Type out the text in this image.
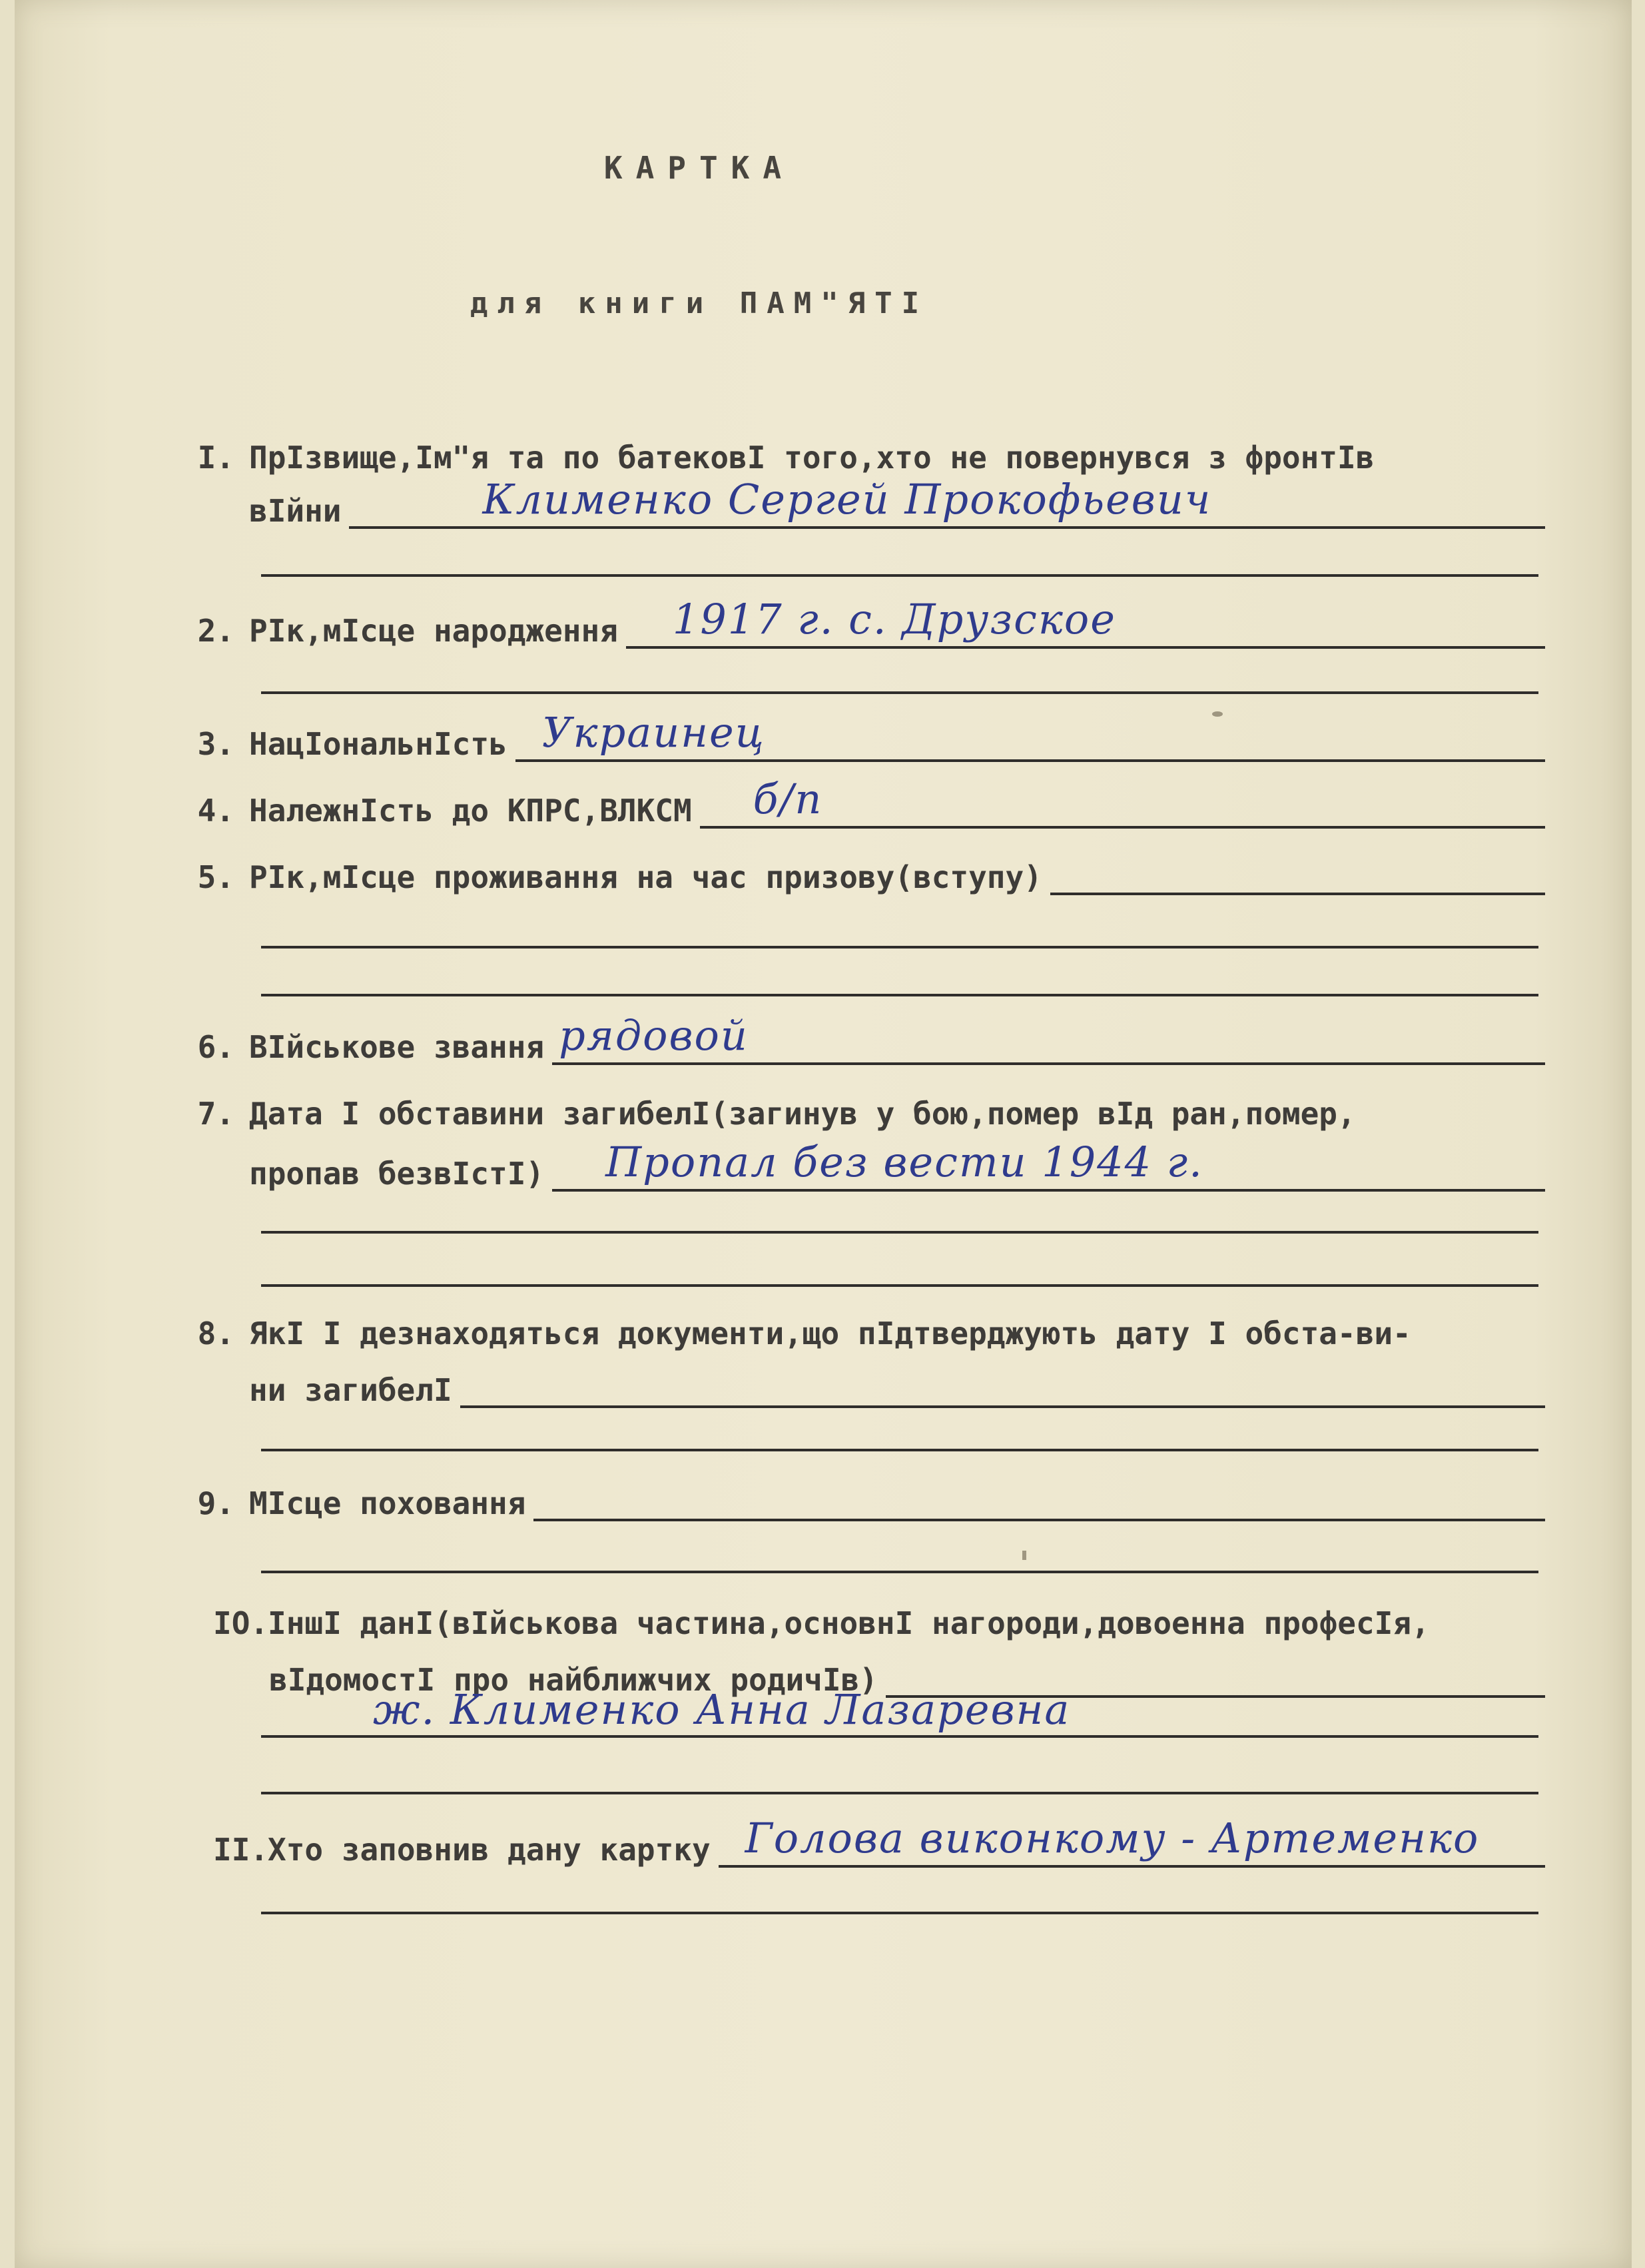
КАРТКА
для книги ПАМ"ЯТІ
I. ПрІзвище,Ім"я та по батековІ того,хто не повернувся з фронтІв
вІйни	Клименко Сергей Прокофьевич
2. РІк,мІсце народження 1917 г. с. Друзское
3. НацІональнІсть Украинец
4. НалежнІсть до КПРС,ВЛКСМ б/п
5. РІк,мІсце проживання на час призову(вступу)
6. ВІйськове звання рядовой
7. Дата І обставини загибелІ(загинув у бою,помер вІд ран,помер,
пропав безвІстІ) Пропал без вести 1944 г.
8. ЯкІ І дезнаходяться документи,що пІдтверджують дату І обста-ви-
ни загибелІ
9. МІсце поховання
IO.
ІншІ данІ(вІйськова частина,основнІ нагороди,довоенна професІя,
вІдомостІ про найближчих родичІв)
ж. Клименко Анна Лазаревна
II.
Хто заповнив дану картку Голова виконкому - Артеменко
